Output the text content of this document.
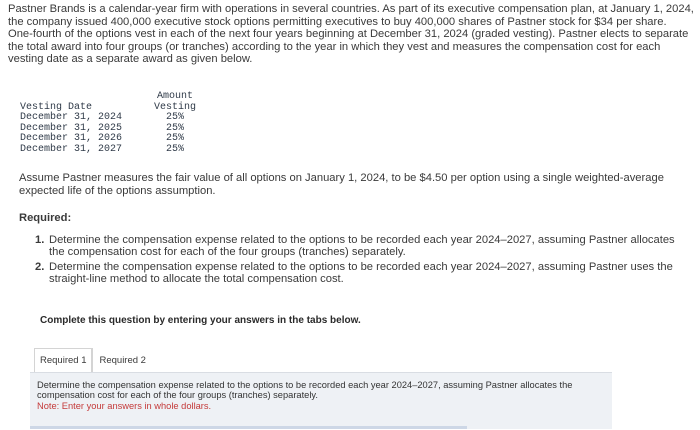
Pastner Brands is a calendar-year firm with operations in several countries. As part of its executive compensation plan, at January 1, 2024, the company issued 400,000 executive stock options permitting executives to buy 400,000 shares of Pastner stock for $34 per share. One-fourth of the options vest in each of the next four years beginning at December 31, 2024 (graded vesting). Pastner elects to separate the total award into four groups (or tranches) according to the year in which they vest and measures the compensation cost for each vesting date as a separate award as given below.

Vesting Date	Amount
Vesting

December 31, 2024	25%
December 31, 2025	25%
December 31, 2026	25%
December 31, 2027	25%

Assume Pastner measures the fair value of all options on January 1, 2024, to be $4.50 per option using a single weighted-average expected life of the options assumption.

Required:

1. Determine the compensation expense related to the options to be recorded each year 2024–2027, assuming Pastner allocates the compensation cost for each of the four groups (tranches) separately.
2. Determine the compensation expense related to the options to be recorded each year 2024–2027, assuming Pastner uses the straight-line method to allocate the total compensation cost.

Complete this question by entering your answers in the tabs below.

Required 1	Required 2

Determine the compensation expense related to the options to be recorded each year 2024–2027, assuming Pastner allocates the compensation cost for each of the four groups (tranches) separately.
Note: Enter your answers in whole dollars.
